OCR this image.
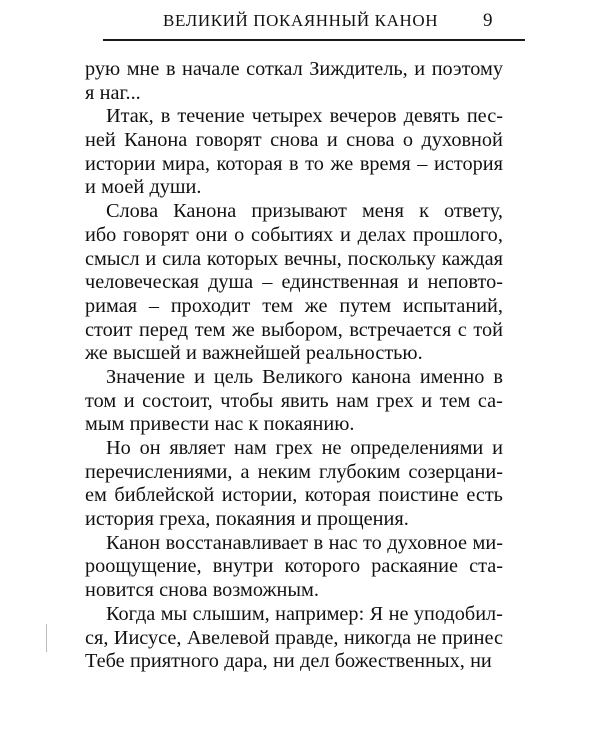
ВЕЛИКИЙ ПОКАЯННЫЙ КАНОН 9
рую мне в начале соткал Зиждитель, и поэтому
я наг...
Итак, в течение четырех вечеров девять пес-
ней Канона говорят снова и снова о духовной
истории мира, которая в то же время – история
и моей души.
Слова Канона призывают меня к ответу,
ибо говорят они о событиях и делах прошлого,
смысл и сила которых вечны, поскольку каждая
человеческая душа – единственная и неповто-
римая – проходит тем же путем испытаний,
стоит перед тем же выбором, встречается с той
же высшей и важнейшей реальностью.
Значение и цель Великого канона именно в
том и состоит, чтобы явить нам грех и тем са-
мым привести нас к покаянию.
Но он являет нам грех не определениями и
перечислениями, а неким глубоким созерцани-
ем библейской истории, которая поистине есть
история греха, покаяния и прощения.
Канон восстанавливает в нас то духовное ми-
роощущение, внутри которого раскаяние ста-
новится снова возможным.
Когда мы слышим, например: Я не уподобил-
ся, Иисусе, Авелевой правде, никогда не принес
Тебе приятного дара, ни дел божественных, ни
